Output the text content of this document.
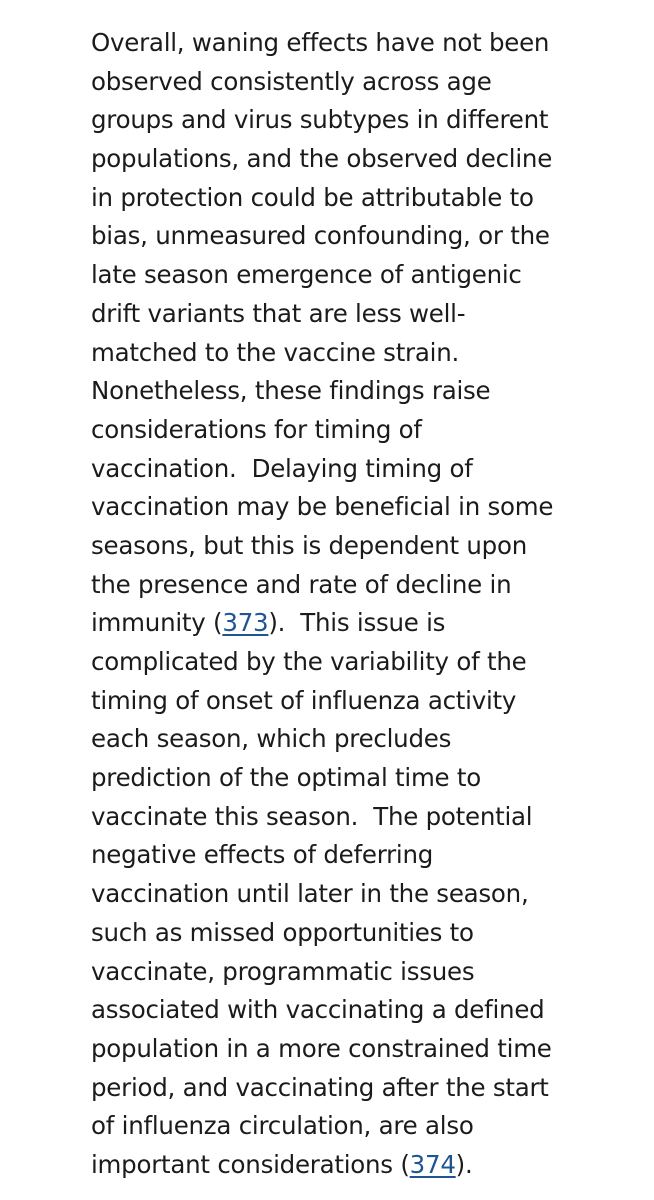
Overall, waning effects have not been
observed consistently across age
groups and virus subtypes in different
populations, and the observed decline
in protection could be attributable to
bias, unmeasured confounding, or the
late season emergence of antigenic
drift variants that are less well-
matched to the vaccine strain.
Nonetheless, these findings raise
considerations for timing of
vaccination.  Delaying timing of
vaccination may be beneficial in some
seasons, but this is dependent upon
the presence and rate of decline in
immunity (373).  This issue is
complicated by the variability of the
timing of onset of influenza activity
each season, which precludes
prediction of the optimal time to
vaccinate this season.  The potential
negative effects of deferring
vaccination until later in the season,
such as missed opportunities to
vaccinate, programmatic issues
associated with vaccinating a defined
population in a more constrained time
period, and vaccinating after the start
of influenza circulation, are also
important considerations (374).
